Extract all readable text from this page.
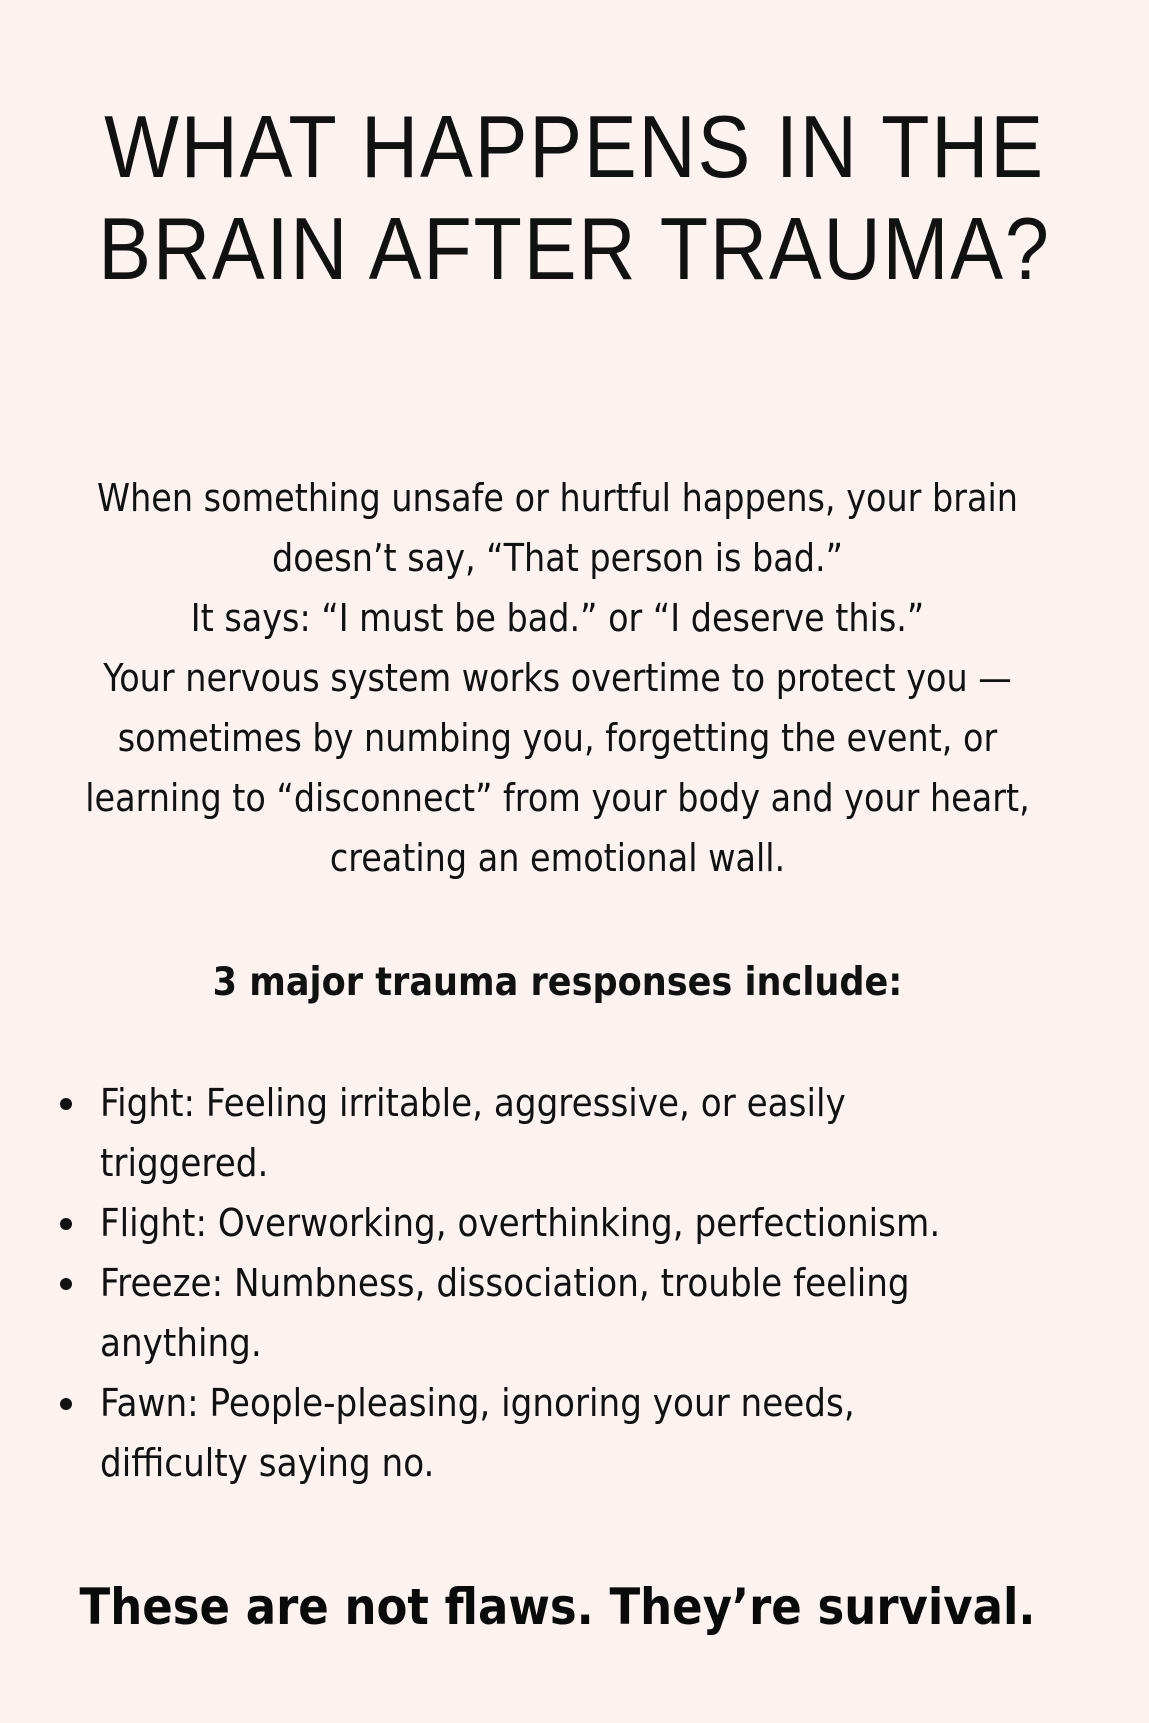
WHAT HAPPENS IN THE
BRAIN AFTER TRAUMA?
When something unsafe or hurtful happens, your brain
doesn’t say, “That person is bad.”
It says: “I must be bad.” or “I deserve this.”
Your nervous system works overtime to protect you —
sometimes by numbing you, forgetting the event, or
learning to “disconnect” from your body and your heart,
creating an emotional wall.
3 major trauma responses include:
Fight: Feeling irritable, aggressive, or easily
triggered.
Flight: Overworking, overthinking, perfectionism.
Freeze: Numbness, dissociation, trouble feeling
anything.
Fawn: People-pleasing, ignoring your needs,
difficulty saying no.
These are not flaws. They’re survival.
